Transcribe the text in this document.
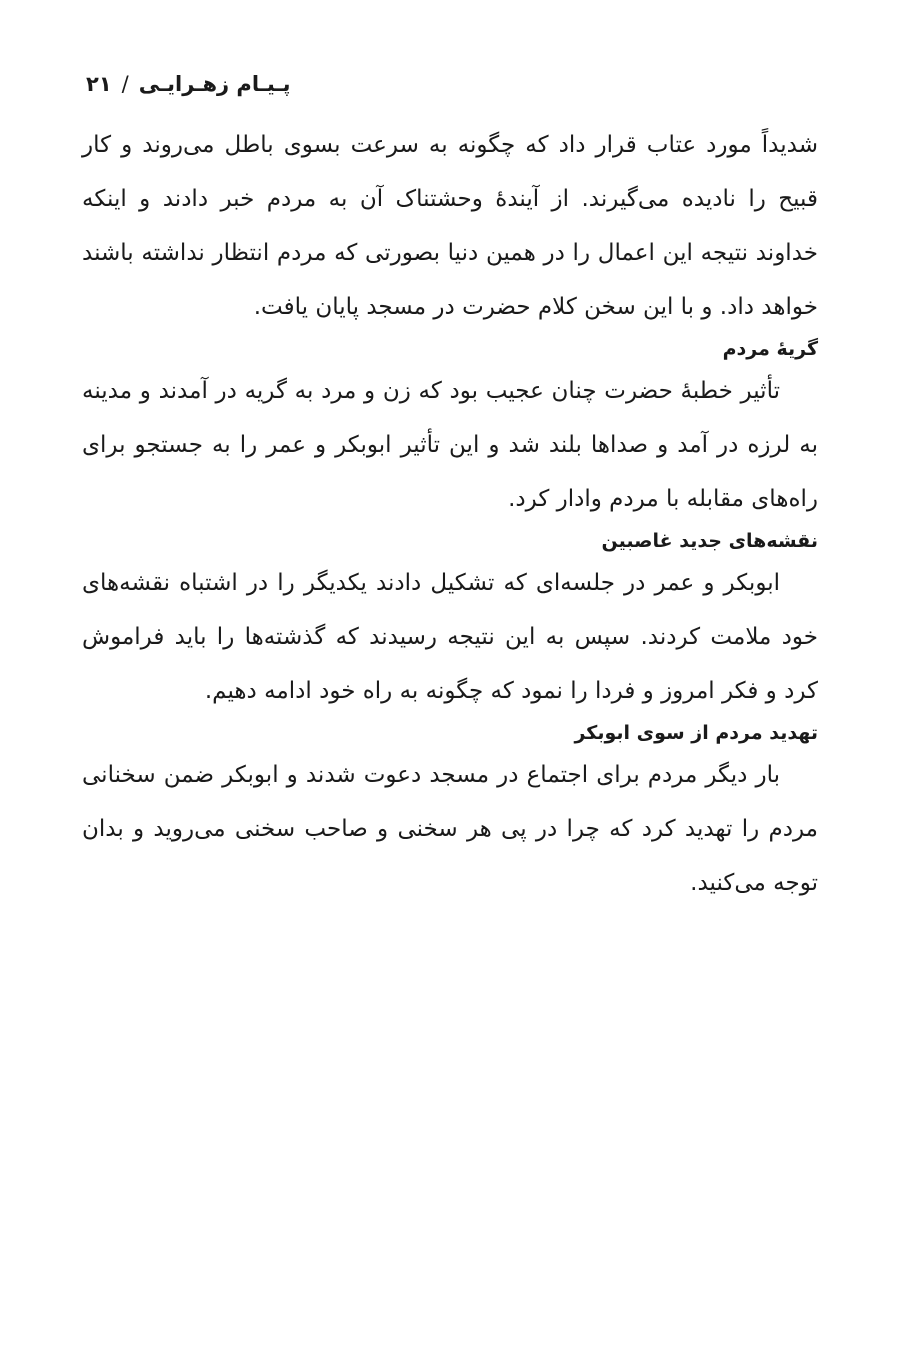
پـیـام زهـرایـی
/
۲۱

شدیداً مورد عتاب قرار داد که چگونه به سرعت بسوی باطل می‌روند و کار قبیح را نادیده می‌گیرند. از آیندهٔ وحشتناک آن به مردم خبر دادند و اینکه خداوند نتیجه این اعمال را در همین دنیا بصورتی که مردم انتظار نداشته باشند خواهد داد. و با این سخن کلام حضرت در مسجد پایان یافت.

گریهٔ مردم

تأثیر خطبهٔ حضرت چنان عجیب بود که زن و مرد به گریه در آمدند و مدینه به لرزه در آمد و صداها بلند شد و این تأثیر ابوبکر و عمر را به جستجو برای راه‌های مقابله با مردم وادار کرد.

نقشه‌های جدید غاصبین

ابوبکر و عمر در جلسه‌ای که تشکیل دادند یکدیگر را در اشتباه نقشه‌های خود ملامت کردند. سپس به این نتیجه رسیدند که گذشته‌ها را باید فراموش کرد و فکر امروز و فردا را نمود که چگونه به راه خود ادامه دهیم.

تهدید مردم از سوی ابوبکر

بار دیگر مردم برای اجتماع در مسجد دعوت شدند و ابوبکر ضمن سخنانی مردم را تهدید کرد که چرا در پی هر سخنی و صاحب سخنی می‌روید و بدان توجه می‌کنید.
